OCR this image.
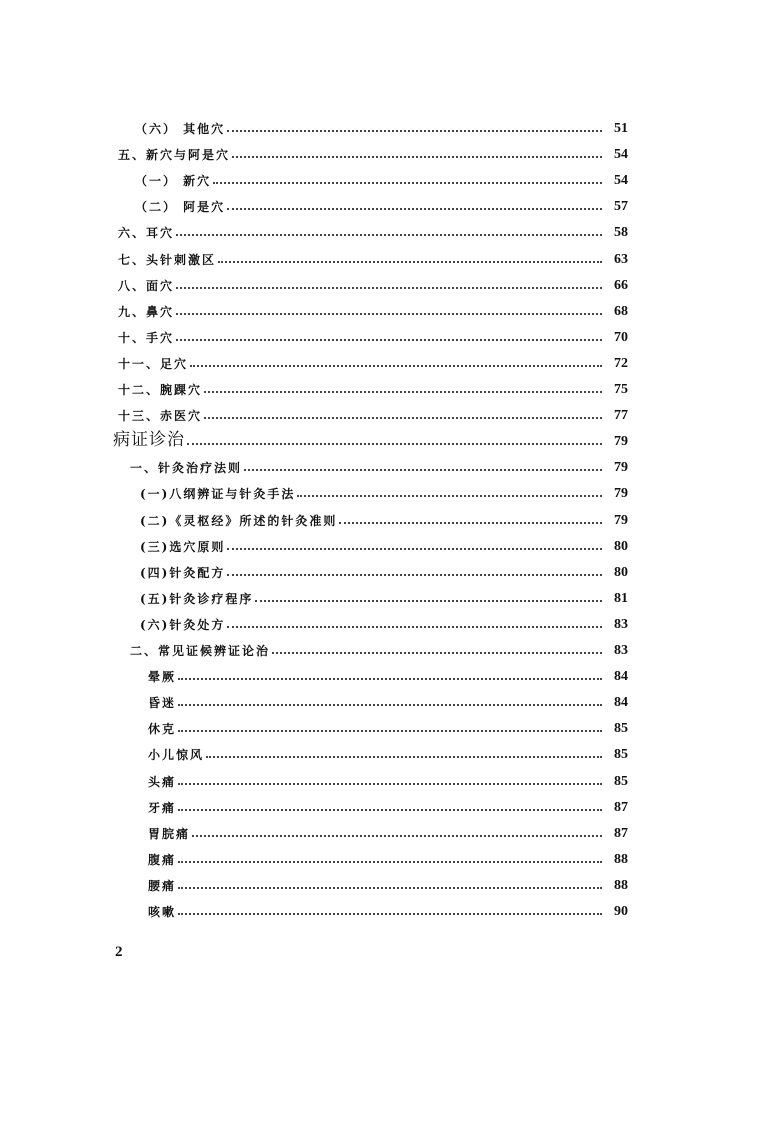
（六） 其他穴	51
五、新穴与阿是穴	54
（一） 新穴	54
（二） 阿是穴	57
六、耳穴	58
七、头针刺激区	63
八、面穴	66
九、鼻穴	68
十、手穴	70
十一、足穴	72
十二、腕踝穴	75
十三、赤医穴	77
病证诊治	79
一、针灸治疗法则	79
(一)八纲辨证与针灸手法	79
(二)《灵枢经》所述的针灸准则	79
(三)选穴原则	80
(四)针灸配方	80
(五)针灸诊疗程序	81
(六)针灸处方	83
二、常见证候辨证论治	83
晕厥	84
昏迷	84
休克	85
小儿惊风	85
头痛	85
牙痛	87
胃脘痛	87
腹痛	88
腰痛	88
咳嗽	90
2
